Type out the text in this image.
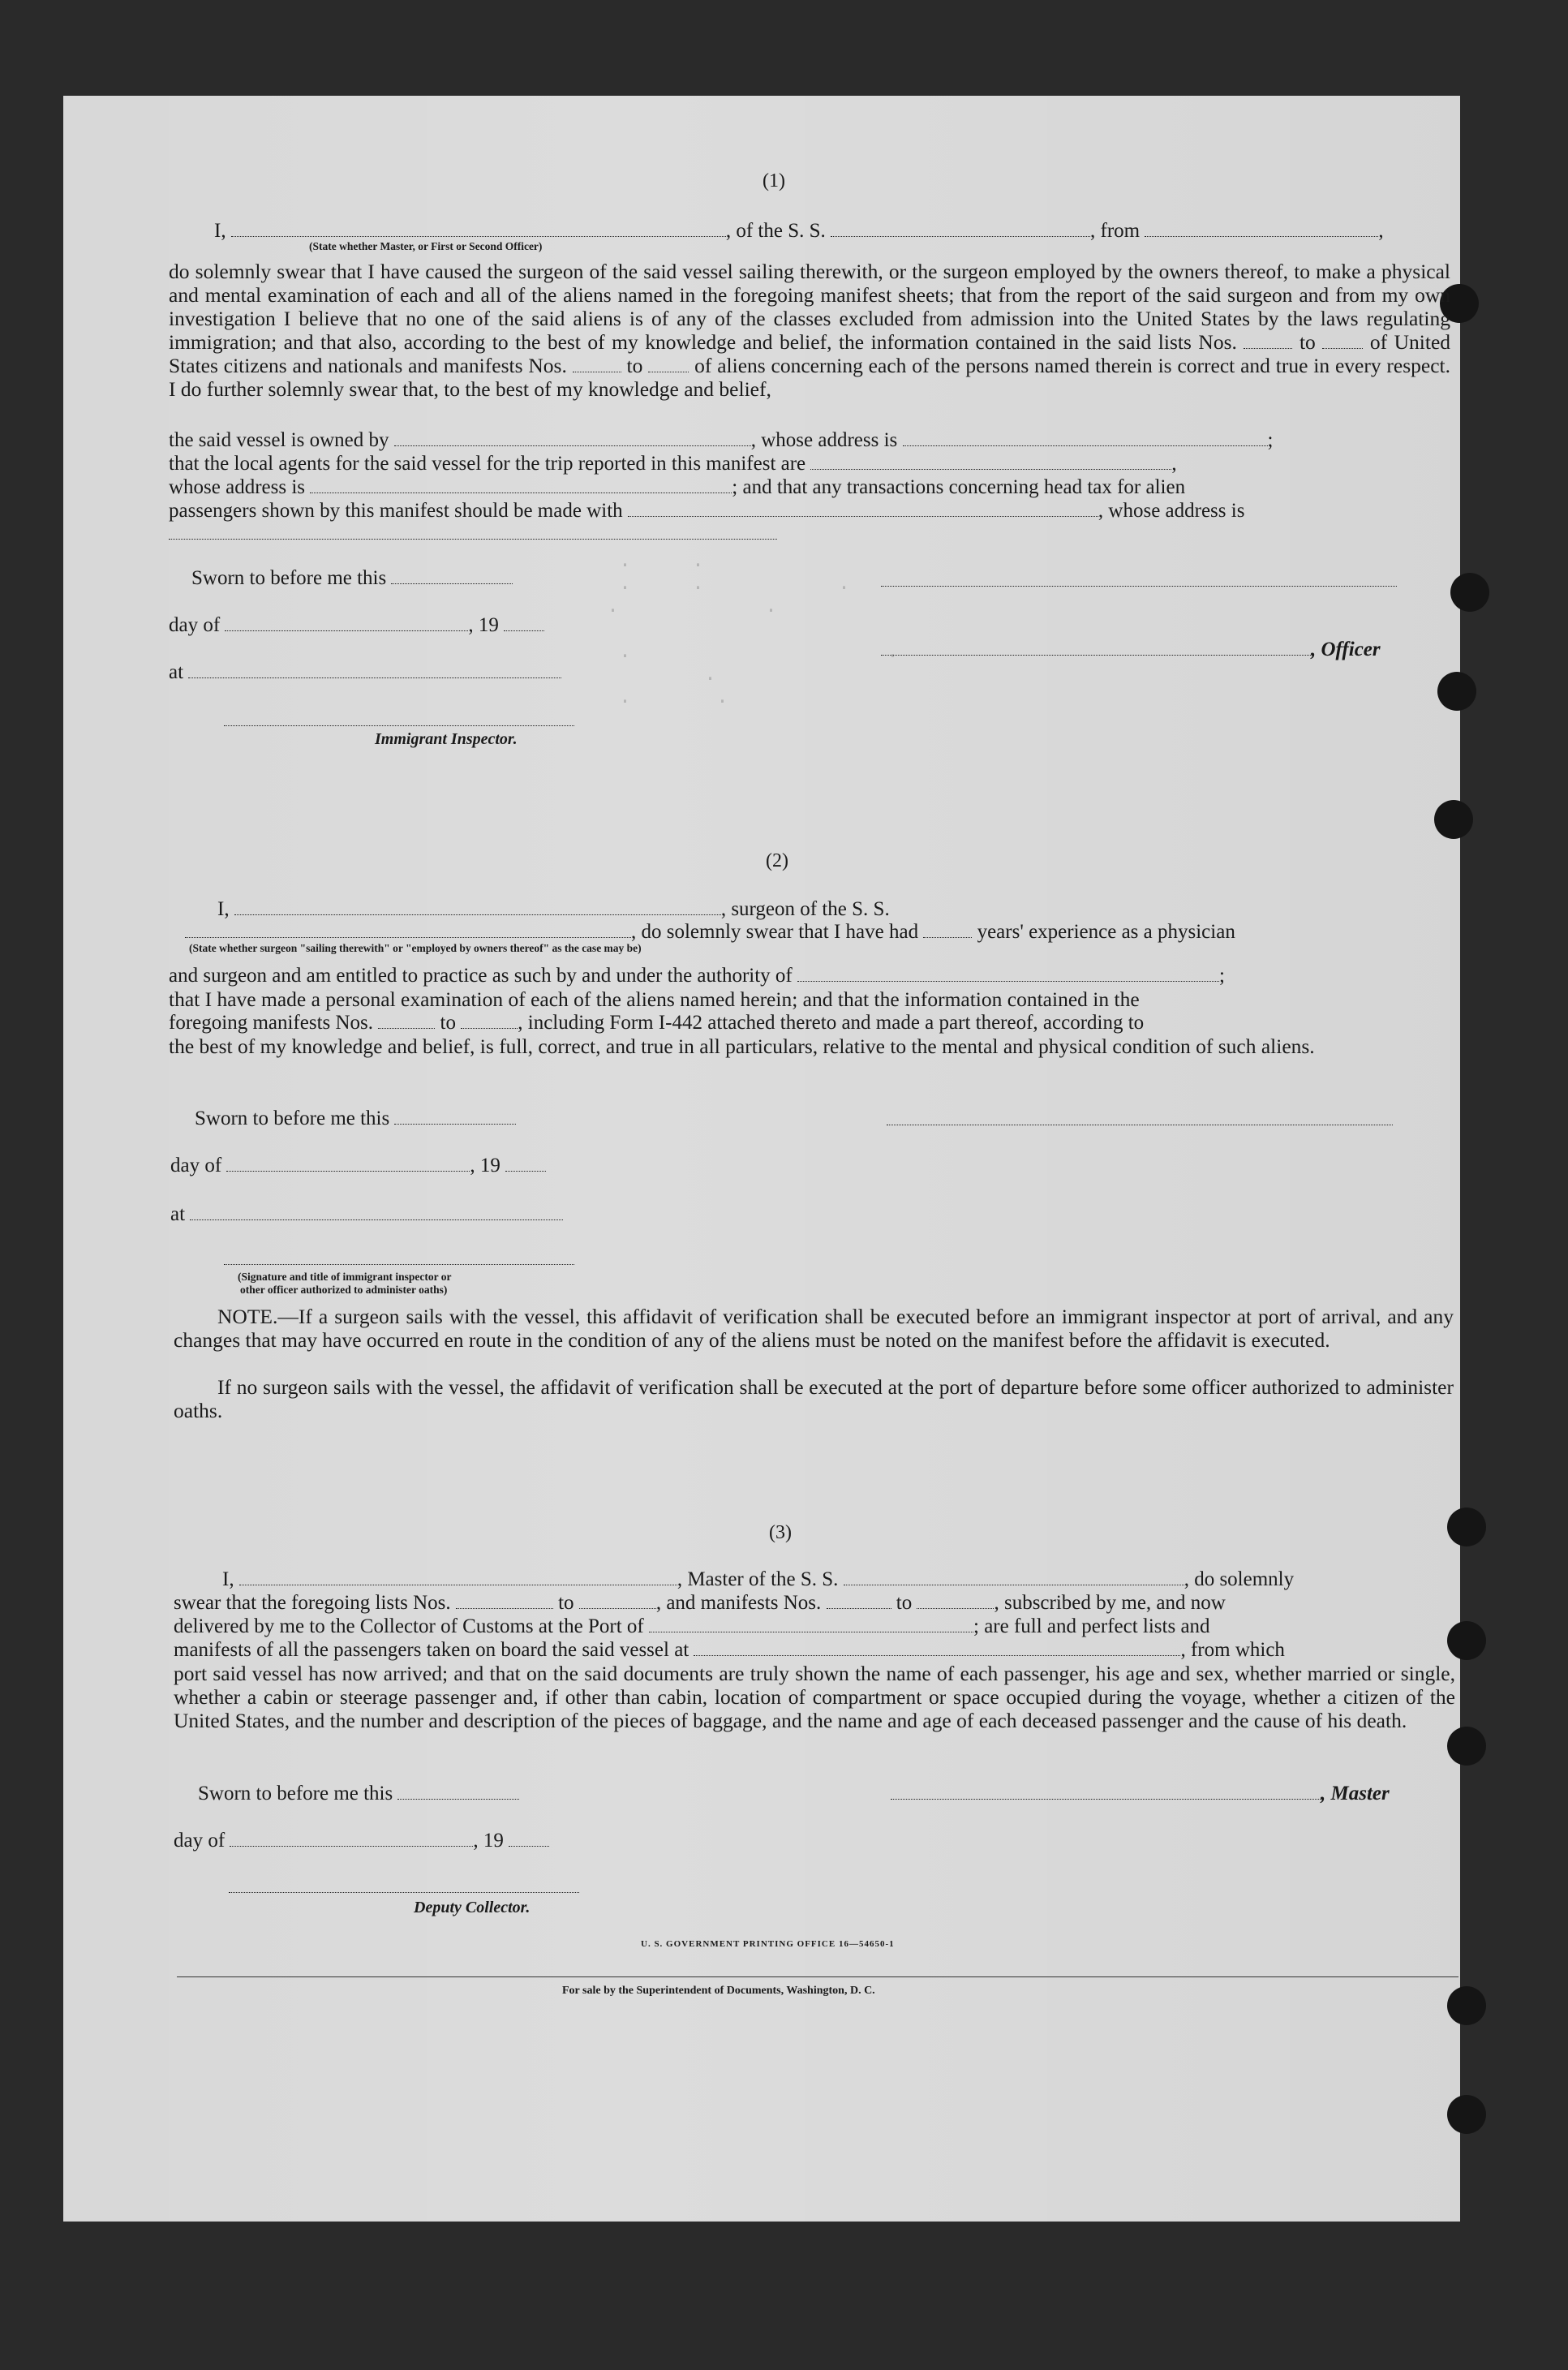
.     .
.     .           .
.            .

.                     .
.
.       .
(1)
I,	, of the S. S.	, from	,
(State whether Master, or First or Second Officer)
do solemnly swear that I have caused the surgeon of the said vessel sailing therewith, or the surgeon employed by the owners thereof, to make a physical and mental examination of each and all of the aliens named in the foregoing manifest sheets; that from the report of the said surgeon and from my own investigation I believe that no one of the said aliens is of any of the classes excluded from admission into the United States by the laws regulating immigration; and that also, according to the best of my knowledge and belief, the information contained in the said lists Nos.	to	of United States citizens and nationals and manifests Nos.	to of aliens concerning each of the persons named therein is correct and true in every respect. I do further solemnly swear that, to the best of my knowledge and belief,
the said vessel is owned by	, whose address is	;
that the local agents for the said vessel for the trip reported in this manifest are	,
whose address is	; and that any transactions concerning head tax for alien
passengers shown by this manifest should be made with	, whose address is
Sworn to before me this
day of	, 19
, Officer
at
Immigrant Inspector.
(2)
I,	, surgeon of the S. S.
, do solemnly swear that I have had	years' experience as a physician
(State whether surgeon "sailing therewith" or "employed by owners thereof" as the case may be)
and surgeon and am entitled to practice as such by and under the authority of	;
that I have made a personal examination of each of the aliens named herein; and that the information contained in the
foregoing manifests Nos.	to	, including Form I-442 attached thereto and made a part thereof, according to
the best of my knowledge and belief, is full, correct, and true in all particulars, relative to the mental and physical condition of such aliens.
Sworn to before me this
day of	, 19
at
(Signature and title of immigrant inspector or
other officer authorized to administer oaths)
NOTE.—If a surgeon sails with the vessel, this affidavit of verification shall be executed before an immigrant inspector at port of arrival, and any changes that may have occurred en route in the condition of any of the aliens must be noted on the manifest before the affidavit is executed.
If no surgeon sails with the vessel, the affidavit of verification shall be executed at the port of departure before some officer authorized to administer oaths.
(3)
I,	, Master of the S. S.	, do solemnly
swear that the foregoing lists Nos.	to	, and manifests Nos.	to	, subscribed by me, and now
delivered by me to the Collector of Customs at the Port of	; are full and perfect lists and
manifests of all the passengers taken on board the said vessel at	, from which
port said vessel has now arrived; and that on the said documents are truly shown the name of each passenger, his age and sex, whether married or single, whether a cabin or steerage passenger and, if other than cabin, location of compartment or space occupied during the voyage, whether a citizen of the United States, and the number and description of the pieces of baggage, and the name and age of each deceased passenger and the cause of his death.
Sworn to before me this	, Master
day of	, 19
Deputy Collector.
U. S. GOVERNMENT PRINTING OFFICE 16—54650-1
For sale by the Superintendent of Documents, Washington, D. C.
